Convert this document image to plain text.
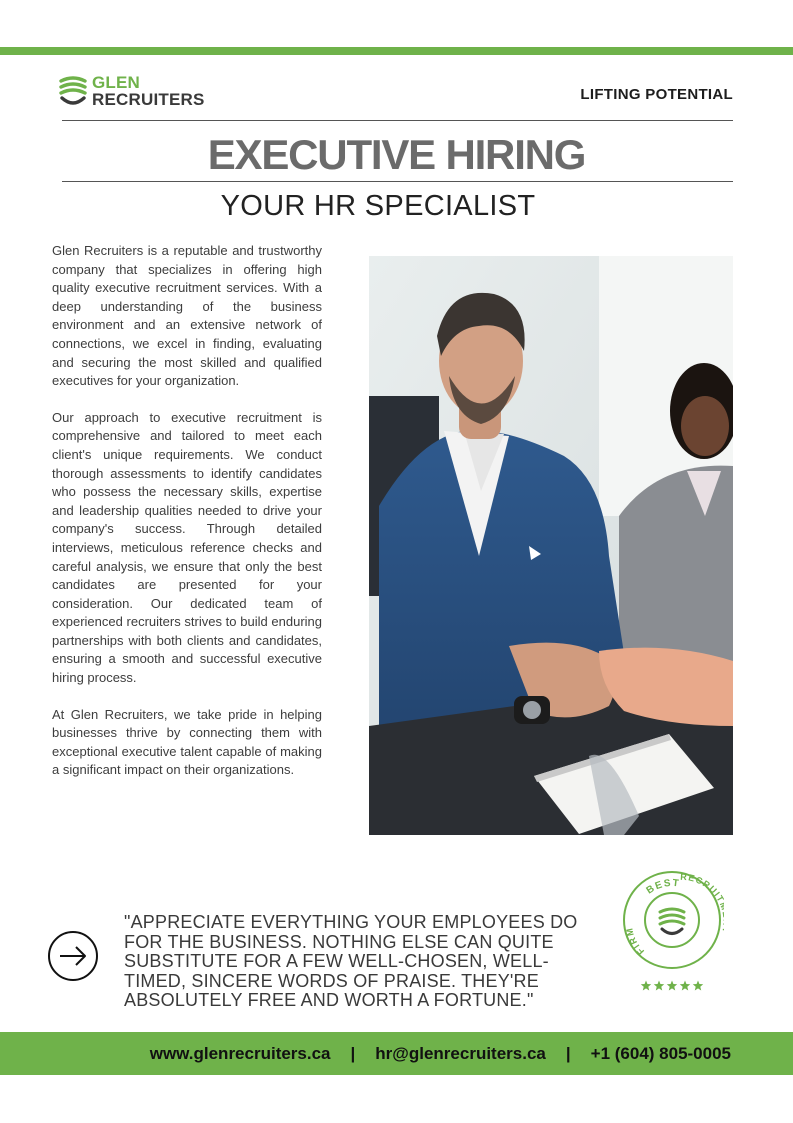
GLEN
RECRUITERS	LIFTING POTENTIAL
EXECUTIVE HIRING
YOUR HR SPECIALIST

Glen Recruiters is a reputable and trustworthy company that specializes in offering high quality executive recruitment services. With a deep understanding of the business environment and an extensive network of connections, we excel in finding, evaluating and securing the most skilled and qualified executives for your organization.

Our approach to executive recruitment is comprehensive and tailored to meet each client's unique requirements. We conduct thorough assessments to identify candidates who possess the necessary skills, expertise and leadership qualities needed to drive your company's success. Through detailed interviews, meticulous reference checks and careful analysis, we ensure that only the best candidates are presented for your consideration. Our dedicated team of experienced recruiters strives to build enduring partnerships with both clients and candidates, ensuring a smooth and successful executive hiring process.

At Glen Recruiters, we take pride in helping businesses thrive by connecting them with exceptional executive talent capable of making a significant impact on their organizations.

"APPRECIATE EVERYTHING YOUR EMPLOYEES DO FOR THE BUSINESS. NOTHING ELSE CAN QUITE SUBSTITUTE FOR A FEW WELL-CHOSEN, WELL-TIMED, SINCERE WORDS OF PRAISE. THEY'RE ABSOLUTELY FREE AND WORTH A FORTUNE."
BEST
FIRM
RECRUI
www.glenrecruiters.ca | hr@glenrecruiters.ca | +1 (604) 805-0005
